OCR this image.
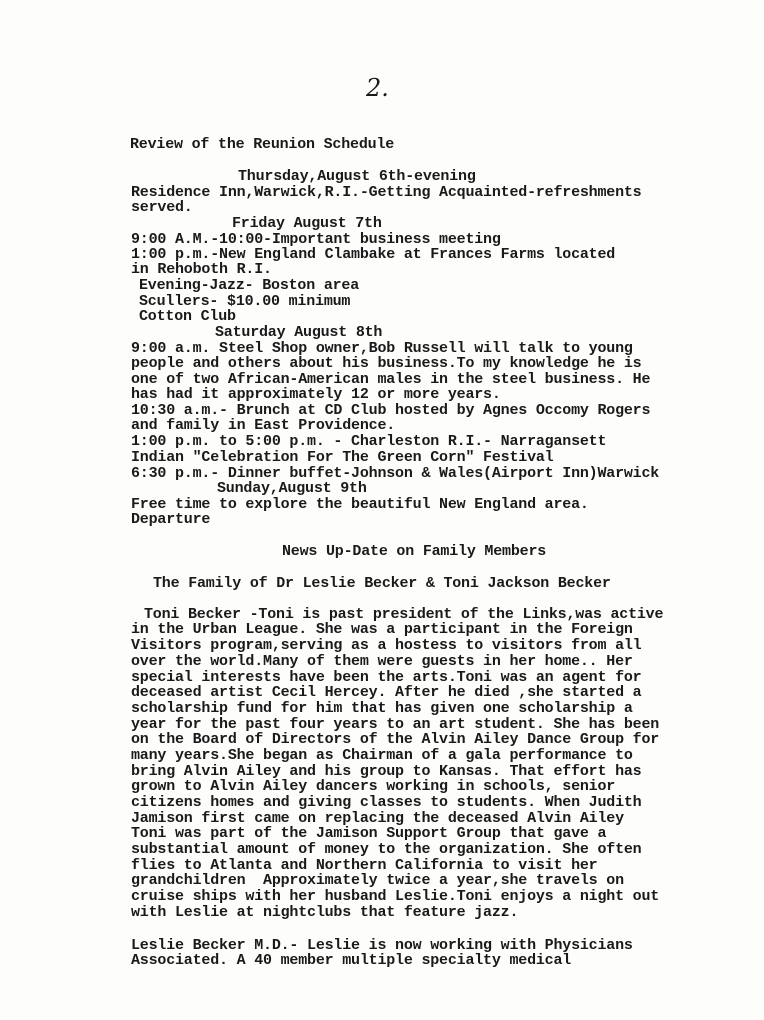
2.
Review of the Reunion Schedule
Thursday,August 6th-evening
Residence Inn,Warwick,R.I.-Getting Acquainted-refreshments
served.
Friday August 7th
9:00 A.M.-10:00-Important business meeting
1:00 p.m.-New England Clambake at Frances Farms located
in Rehoboth R.I.
Evening-Jazz- Boston area
Scullers- $10.00 minimum
Cotton Club
Saturday August 8th
9:00 a.m. Steel Shop owner,Bob Russell will talk to young
people and others about his business.To my knowledge he is
one of two African-American males in the steel business. He
has had it approximately 12 or more years.
10:30 a.m.- Brunch at CD Club hosted by Agnes Occomy Rogers
and family in East Providence.
1:00 p.m. to 5:00 p.m. - Charleston R.I.- Narragansett
Indian "Celebration For The Green Corn" Festival
6:30 p.m.- Dinner buffet-Johnson & Wales(Airport Inn)Warwick
Sunday,August 9th
Free time to explore the beautiful New England area.
Departure
News Up-Date on Family Members
The Family of Dr Leslie Becker & Toni Jackson Becker
Toni Becker -Toni is past president of the Links,was active
in the Urban League. She was a participant in the Foreign
Visitors program,serving as a hostess to visitors from all
over the world.Many of them were guests in her home.. Her
special interests have been the arts.Toni was an agent for
deceased artist Cecil Hercey. After he died ,she started a
scholarship fund for him that has given one scholarship a
year for the past four years to an art student. She has been
on the Board of Directors of the Alvin Ailey Dance Group for
many years.She began as Chairman of a gala performance to
bring Alvin Ailey and his group to Kansas. That effort has
grown to Alvin Ailey dancers working in schools, senior
citizens homes and giving classes to students. When Judith
Jamison first came on replacing the deceased Alvin Ailey
Toni was part of the Jamison Support Group that gave a
substantial amount of money to the organization. She often
flies to Atlanta and Northern California to visit her
grandchildren  Approximately twice a year,she travels on
cruise ships with her husband Leslie.Toni enjoys a night out
with Leslie at nightclubs that feature jazz.
Leslie Becker M.D.- Leslie is now working with Physicians
Associated. A 40 member multiple specialty medical
